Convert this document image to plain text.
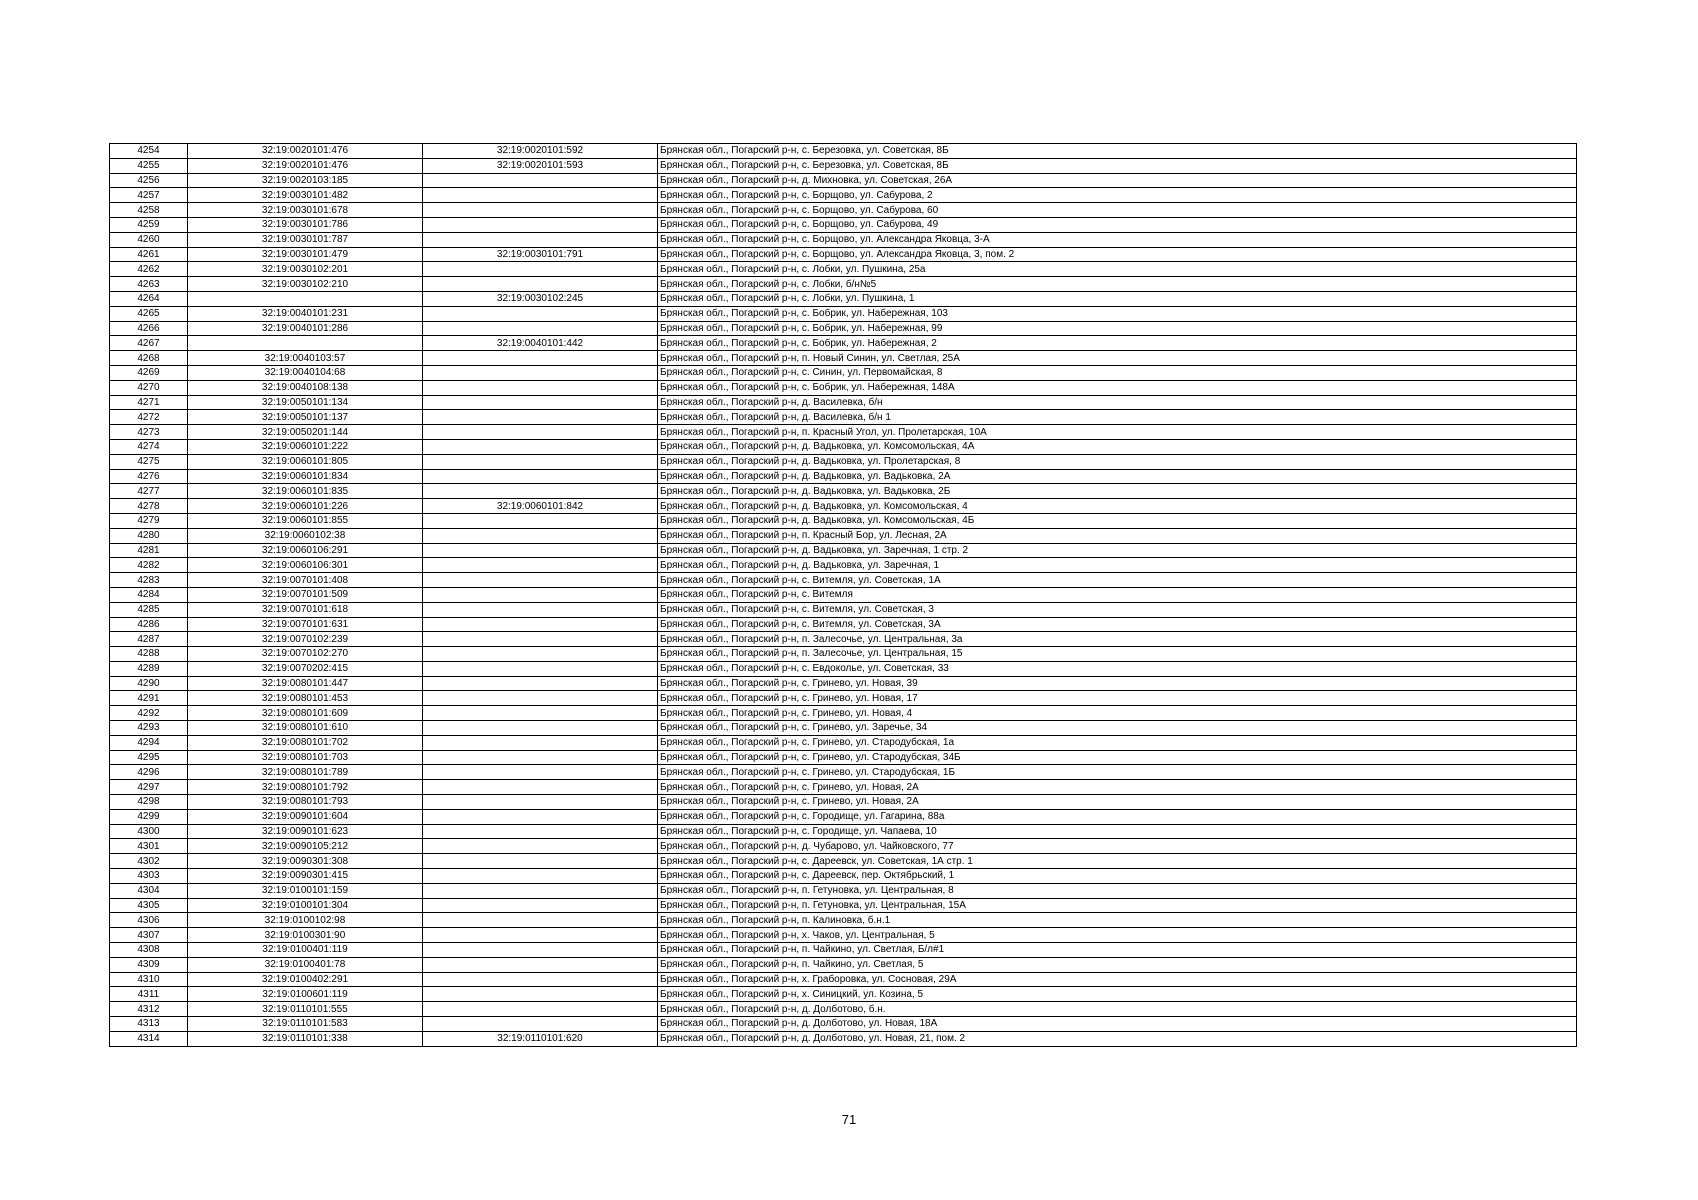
4254	32:19:0020101:476	32:19:0020101:592	Брянская обл., Погарский р-н, с. Березовка, ул. Советская, 8Б
4255	32:19:0020101:476	32:19:0020101:593	Брянская обл., Погарский р-н, с. Березовка, ул. Советская, 8Б
4256	32:19:0020103:185		Брянская обл., Погарский р-н, д. Михновка, ул. Советская, 26А
4257	32:19:0030101:482		Брянская обл., Погарский р-н, с. Борщово, ул. Сабурова, 2
4258	32:19:0030101:678		Брянская обл., Погарский р-н, с. Борщово, ул. Сабурова, 60
4259	32:19:0030101:786		Брянская обл., Погарский р-н, с. Борщово, ул. Сабурова, 49
4260	32:19:0030101:787		Брянская обл., Погарский р-н, с. Борщово, ул. Александра Яковца, 3-А
4261	32:19:0030101:479	32:19:0030101:791	Брянская обл., Погарский р-н, с. Борщово, ул. Александра Яковца, 3, пом. 2
4262	32:19:0030102:201		Брянская обл., Погарский р-н, с. Лобки, ул. Пушкина, 25а
4263	32:19:0030102:210		Брянская обл., Погарский р-н, с. Лобки, б/н№5
4264		32:19:0030102:245	Брянская обл., Погарский р-н, с. Лобки, ул. Пушкина, 1
4265	32:19:0040101:231		Брянская обл., Погарский р-н, с. Бобрик, ул. Набережная, 103
4266	32:19:0040101:286		Брянская обл., Погарский р-н, с. Бобрик, ул. Набережная, 99
4267		32:19:0040101:442	Брянская обл., Погарский р-н, с. Бобрик, ул. Набережная, 2
4268	32:19:0040103:57		Брянская обл., Погарский р-н, п. Новый Синин, ул. Светлая, 25А
4269	32:19:0040104:68		Брянская обл., Погарский р-н, с. Синин, ул. Первомайская, 8
4270	32:19:0040108:138		Брянская обл., Погарский р-н, с. Бобрик, ул. Набережная, 148А
4271	32:19:0050101:134		Брянская обл., Погарский р-н, д. Василевка, б/н
4272	32:19:0050101:137		Брянская обл., Погарский р-н, д. Василевка, б/н 1
4273	32:19:0050201:144		Брянская обл., Погарский р-н, п. Красный Угол, ул. Пролетарская, 10А
4274	32:19:0060101:222		Брянская обл., Погарский р-н, д. Вадьковка, ул. Комсомольская, 4А
4275	32:19:0060101:805		Брянская обл., Погарский р-н, д. Вадьковка, ул. Пролетарская, 8
4276	32:19:0060101:834		Брянская обл., Погарский р-н, д. Вадьковка, ул. Вадьковка, 2А
4277	32:19:0060101:835		Брянская обл., Погарский р-н, д. Вадьковка, ул. Вадьковка, 2Б
4278	32:19:0060101:226	32:19:0060101:842	Брянская обл., Погарский р-н, д. Вадьковка, ул. Комсомольская, 4
4279	32:19:0060101:855		Брянская обл., Погарский р-н, д. Вадьковка, ул. Комсомольская, 4Б
4280	32:19:0060102:38		Брянская обл., Погарский р-н, п. Красный Бор, ул. Лесная, 2А
4281	32:19:0060106:291		Брянская обл., Погарский р-н, д. Вадьковка, ул. Заречная, 1 стр. 2
4282	32:19:0060106:301		Брянская обл., Погарский р-н, д. Вадьковка, ул. Заречная, 1
4283	32:19:0070101:408		Брянская обл., Погарский р-н, с. Витемля, ул. Советская, 1А
4284	32:19:0070101:509		Брянская обл., Погарский р-н, с. Витемля
4285	32:19:0070101:618		Брянская обл., Погарский р-н, с. Витемля, ул. Советская, 3
4286	32:19:0070101:631		Брянская обл., Погарский р-н, с. Витемля, ул. Советская, 3А
4287	32:19:0070102:239		Брянская обл., Погарский р-н, п. Залесочье, ул. Центральная, 3а
4288	32:19:0070102:270		Брянская обл., Погарский р-н, п. Залесочье, ул. Центральная, 15
4289	32:19:0070202:415		Брянская обл., Погарский р-н, с. Евдоколье, ул. Советская, 33
4290	32:19:0080101:447		Брянская обл., Погарский р-н, с. Гринево, ул. Новая, 39
4291	32:19:0080101:453		Брянская обл., Погарский р-н, с. Гринево, ул. Новая, 17
4292	32:19:0080101:609		Брянская обл., Погарский р-н, с. Гринево, ул. Новая, 4
4293	32:19:0080101:610		Брянская обл., Погарский р-н, с. Гринево, ул. Заречье, 34
4294	32:19:0080101:702		Брянская обл., Погарский р-н, с. Гринево, ул. Стародубская, 1а
4295	32:19:0080101:703		Брянская обл., Погарский р-н, с. Гринево, ул. Стародубская, 34Б
4296	32:19:0080101:789		Брянская обл., Погарский р-н, с. Гринево, ул. Стародубская, 1Б
4297	32:19:0080101:792		Брянская обл., Погарский р-н, с. Гринево, ул. Новая, 2А
4298	32:19:0080101:793		Брянская обл., Погарский р-н, с. Гринево, ул. Новая, 2А
4299	32:19:0090101:604		Брянская обл., Погарский р-н, с. Городище, ул. Гагарина, 88а
4300	32:19:0090101:623		Брянская обл., Погарский р-н, с. Городище, ул. Чапаева, 10
4301	32:19:0090105:212		Брянская обл., Погарский р-н, д. Чубарово, ул. Чайковского, 77
4302	32:19:0090301:308		Брянская обл., Погарский р-н, с. Дареевск, ул. Советская, 1А стр. 1
4303	32:19:0090301:415		Брянская обл., Погарский р-н, с. Дареевск, пер. Октябрьский, 1
4304	32:19:0100101:159		Брянская обл., Погарский р-н, п. Гетуновка, ул. Центральная, 8
4305	32:19:0100101:304		Брянская обл., Погарский р-н, п. Гетуновка, ул. Центральная, 15А
4306	32:19:0100102:98		Брянская обл., Погарский р-н, п. Калиновка, б.н.1
4307	32:19:0100301:90		Брянская обл., Погарский р-н, х. Чаков, ул. Центральная, 5
4308	32:19:0100401:119		Брянская обл., Погарский р-н, п. Чайкино, ул. Светлая, Б/л#1
4309	32:19:0100401:78		Брянская обл., Погарский р-н, п. Чайкино, ул. Светлая, 5
4310	32:19:0100402:291		Брянская обл., Погарский р-н, х. Граборовка, ул. Сосновая, 29А
4311	32:19:0100601:119		Брянская обл., Погарский р-н, х. Синицкий, ул. Козина, 5
4312	32:19:0110101:555		Брянская обл., Погарский р-н, д. Долботово, б.н.
4313	32:19:0110101:583		Брянская обл., Погарский р-н, д. Долботово, ул. Новая, 18А
4314	32:19:0110101:338	32:19:0110101:620	Брянская обл., Погарский р-н, д. Долботово, ул. Новая, 21, пом. 2
71
